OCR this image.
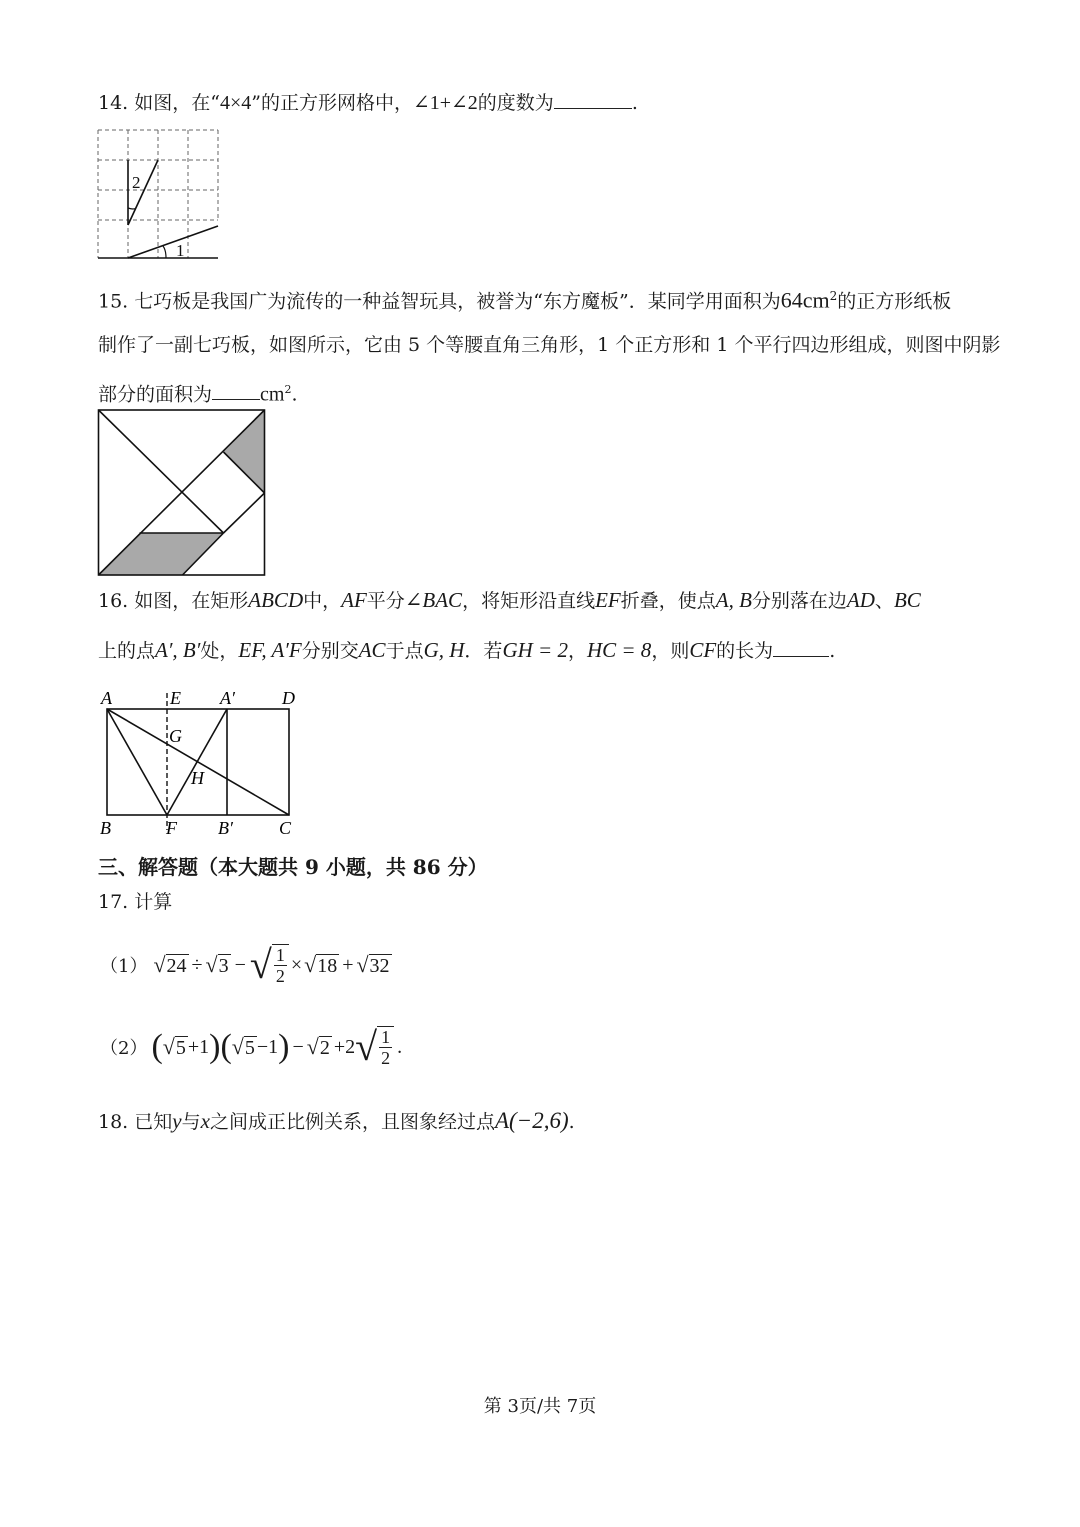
14. 如图，在“4×4”的正方形网格中，∠1+∠2的度数为	.
2
1
15. 七巧板是我国广为流传的一种益智玩具，被誉为“东方魔板”．某同学用面积为$64cm^2$的正方形纸板
制作了一副七巧板，如图所示，它由 5 个等腰直角三角形，1 个正方形和 1 个平行四边形组成，则图中阴影
部分的面积为 $cm^2$.
16. 如图，在矩形ABCD中，AF平分∠BAC，将矩形沿直线EF折叠，使点A, B分别落在边AD、BC
上的点A′, B′处，EF, A′F分别交AC于点G, H．若GH = 2，HC = 8，则CF的长为	.
A	E A′	D
G
H
B	F B′	C
三、解答题（本大题共 9 小题，共 86 分）
17. 计算
（1） √24 ÷ √3 − √ $\frac{1}{2} \times √18 + √32$
（2） ( √5 +1 ) ( √5 −1 ) − √2 +2 √ $\frac{1}{2}$ .
18. 已知y与x之间成正比例关系，且图象经过点A(−2,6).
第 3页/共 7页
